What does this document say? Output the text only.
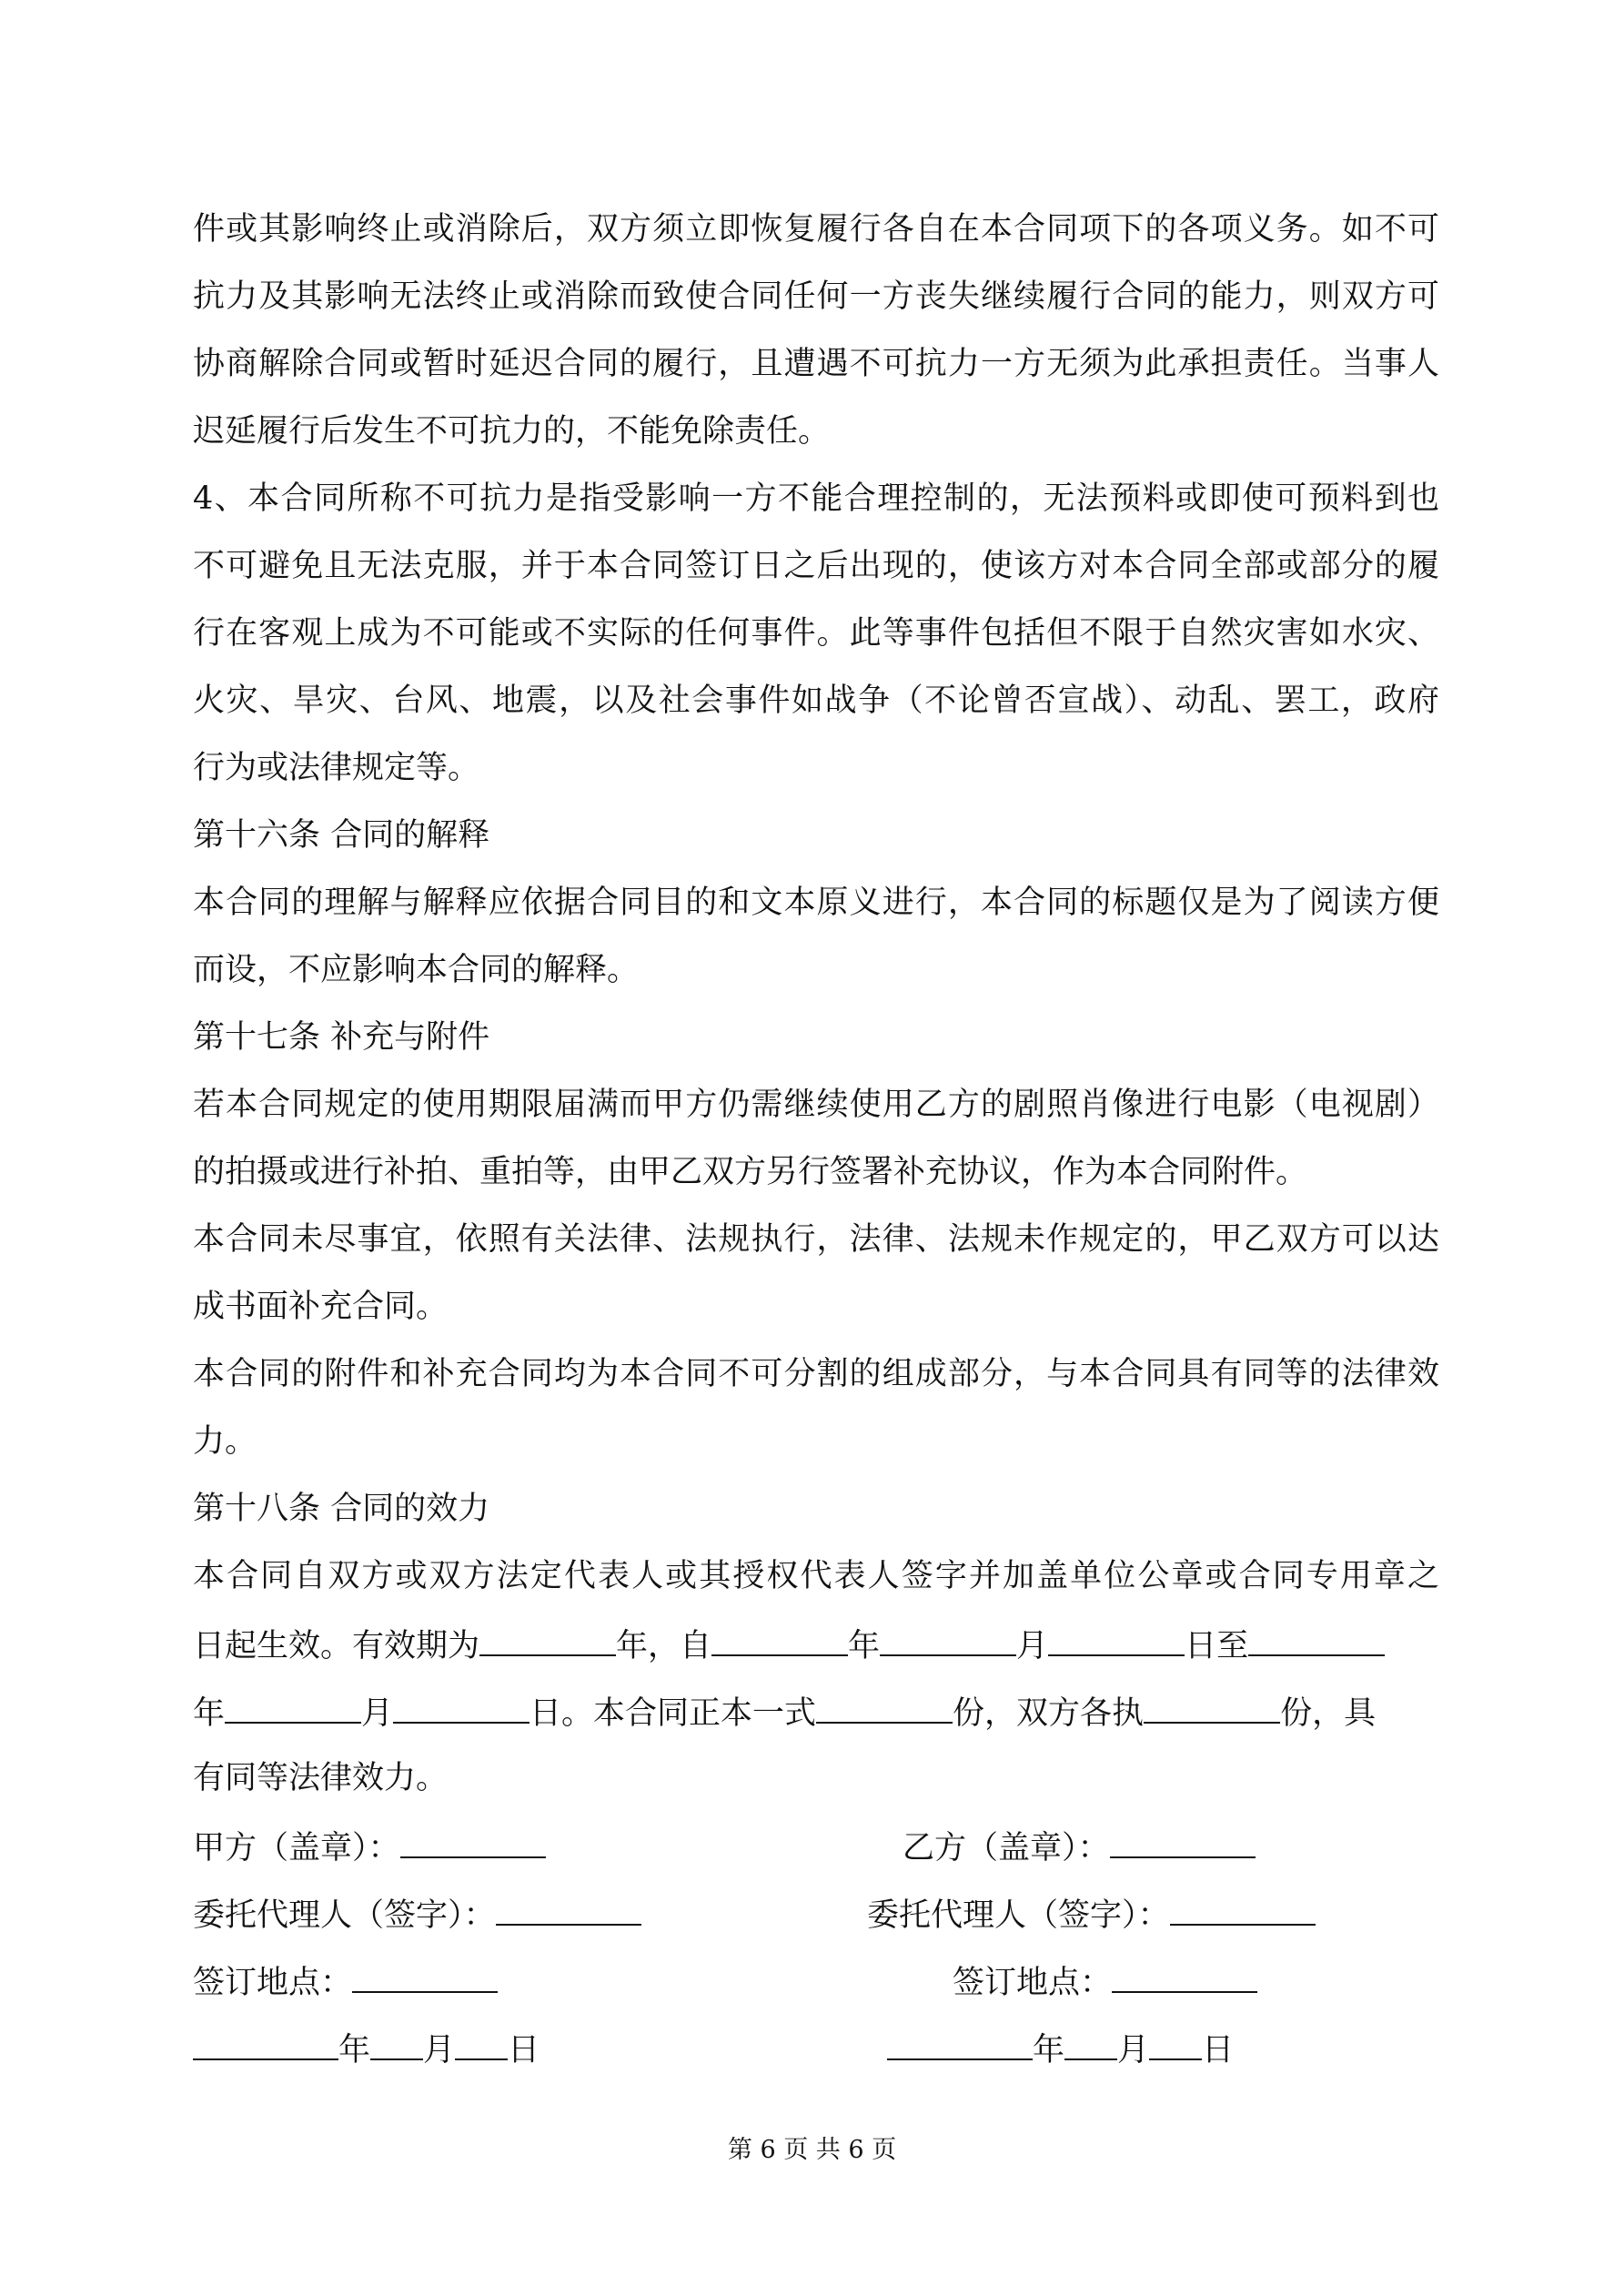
件或其影响终止或消除后，双方须立即恢复履行各自在本合同项下的各项义务。如不可
抗力及其影响无法终止或消除而致使合同任何一方丧失继续履行合同的能力，则双方可
协商解除合同或暂时延迟合同的履行，且遭遇不可抗力一方无须为此承担责任。当事人
迟延履行后发生不可抗力的，不能免除责任。
4、本合同所称不可抗力是指受影响一方不能合理控制的，无法预料或即使可预料到也
不可避免且无法克服，并于本合同签订日之后出现的，使该方对本合同全部或部分的履
行在客观上成为不可能或不实际的任何事件。此等事件包括但不限于自然灾害如水灾、
火灾、旱灾、台风、地震，以及社会事件如战争（不论曾否宣战）、动乱、罢工，政府
行为或法律规定等。
第十六条 合同的解释
本合同的理解与解释应依据合同目的和文本原义进行，本合同的标题仅是为了阅读方便
而设，不应影响本合同的解释。
第十七条 补充与附件
若本合同规定的使用期限届满而甲方仍需继续使用乙方的剧照肖像进行电影（电视剧）
的拍摄或进行补拍、重拍等，由甲乙双方另行签署补充协议，作为本合同附件。
本合同未尽事宜，依照有关法律、法规执行，法律、法规未作规定的，甲乙双方可以达
成书面补充合同。
本合同的附件和补充合同均为本合同不可分割的组成部分，与本合同具有同等的法律效
力。
第十八条 合同的效力
本合同自双方或双方法定代表人或其授权代表人签字并加盖单位公章或合同专用章之
日起生效。有效期为	年，自	年	月	日至
年	月	日。本合同正本一式	份，双方各执	份，具
有同等法律效力。
甲方（盖章）：	乙方（盖章）：
委托代理人（签字）：	委托代理人（签字）：
签订地点：	签订地点：
年 月 日	年 月 日
第 6 页 共 6 页
